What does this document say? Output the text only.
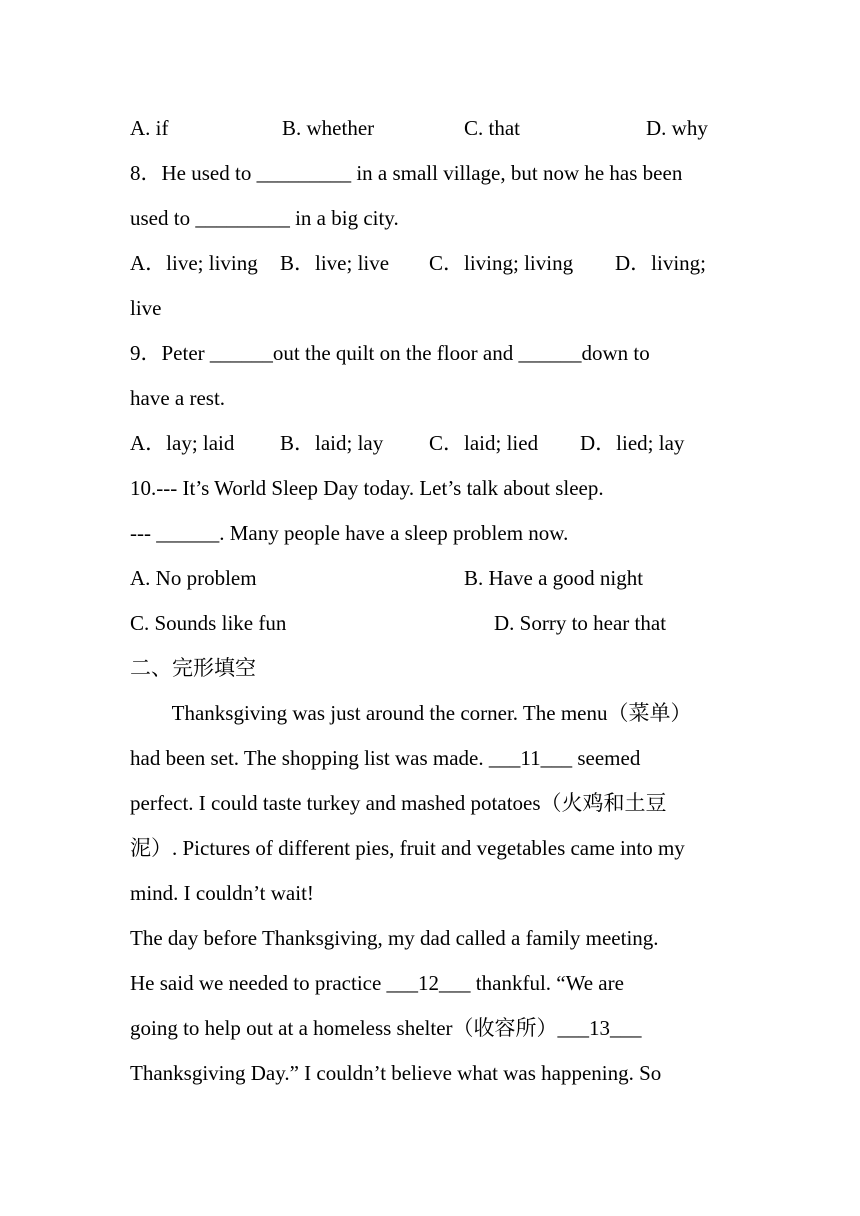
A. if	B. whether	C. that	D. why
8．He used to _________ in a small village, but now he has been
used to _________ in a big city.
A．live; living B．live; live C．living; living D．living;
live
9．Peter ______out the quilt on the floor and ______down to
have a rest.
A．lay; laid B．laid; lay C．laid; lied D．lied; lay
10.--- It’s World Sleep Day today. Let’s talk about sleep.
--- ______. Many people have a sleep problem now.
A. No problem	B. Have a good night
C. Sounds like fun	D. Sorry to hear that
二、完形填空
Thanksgiving was just around the corner. The menu（菜单）
had been set. The shopping list was made. ___11___ seemed
perfect. I could taste turkey and mashed potatoes（火鸡和土豆
泥）. Pictures of different pies, fruit and vegetables came into my
mind. I couldn’t wait!
The day before Thanksgiving, my dad called a family meeting.
He said we needed to practice ___12___ thankful. “We are
going to help out at a homeless shelter（收容所）___13___
Thanksgiving Day.” I couldn’t believe what was happening. So
